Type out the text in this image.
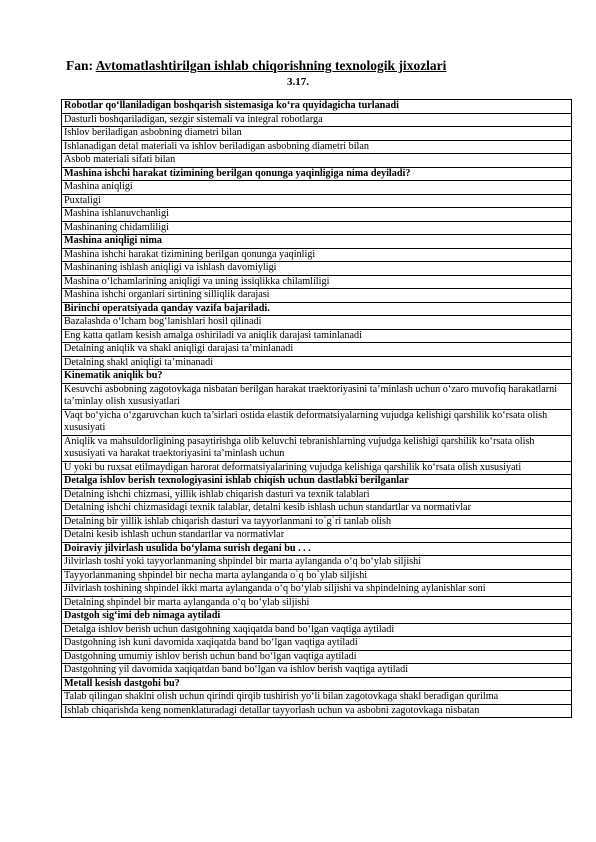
Fan: Avtomatlashtirilgan ishlab chiqorishning texnologik jixozlari
3.17.
Robotlar qo‘llaniladigan boshqarish sistemasiga ko‘ra quyidagicha turlanadi
Dasturli boshqariladigan, sezgir sistemali va integral robotlarga
Ishlov beriladigan asbobning diametri bilan
Ishlanadigan detal materiali va ishlov beriladigan asbobning diametri bilan
Asbob materiali sifati bilan
Mashina ishchi harakat tizimining berilgan qonunga yaqinligiga nima deyiladi?
Mashina aniqligi
Puxtaligi
Mashina ishlanuvchanligi
Mashinaning chidamliligi
Mashina aniqligi nima
Mashina ishchi harakat tizimining berilgan qonunga yaqinligi
Mashinaning ishlash aniqligi va ishlash davomiyligi
Mashina o‘lchamlarining aniqligi va uning issiqlikka chilamliligi
Mashina ishchi organlari sirtining silliqlik darajasi
Birinchi operatsiyada qanday vazifa bajariladi.
Bazalashda o‘lcham bog‘lanishlari hosil qilinadi
Eng katta qatlam kesish amalga oshiriladi va aniqlik darajasi taminlanadi
Detalning aniqlik va shakl aniqligi darajasi ta’minlanadi
Detalning shakl aniqligi ta’minanadi
Kinematik aniqlik bu?
Kesuvchi asbobning zagotovkaga nisbatan berilgan harakat traektoriyasini ta’minlash uchun o‘zaro muvofiq harakatlarni ta’minlay olish xususiyatlari
Vaqt bo‘yicha o‘zgaruvchan kuch ta’sirlari ostida elastik deformatsiyalarning vujudga kelishigi qarshilik ko‘rsata olish xususiyati
Aniqlik va mahsuldorligining pasaytirishga olib keluvchi tebranishlarning vujudga kelishigi qarshilik ko‘rsata olish xususiyati va harakat traektoriyasini ta’minlash uchun
U yoki bu ruxsat etilmaydigan harorat deformatsiyalarining vujudga kelishiga qarshilik ko‘rsata olish xususiyati
Detalga ishlov berish texnologiyasini ishlab chiqish uchun dastlabki berilganlar
Detalning ishchi chizmasi, yillik ishlab chiqarish dasturi va texnik talablari
Detalning ishchi chizmasidagi texnik talablar, detalni kesib ishlash uchun standartlar va normativlar
Detalning bir yillik ishlab chiqarish dasturi va tayyorlanmani to`g`ri tanlab olish
Detalni kesib ishlash uchun standartlar va normativlar
Doiraviy jilvirlash usulida bo‘ylama surish degani bu . . .
Jilvirlash toshi yoki tayyorlanmaning shpindel bir marta aylanganda o‘q bo‘ylab siljishi
Tayyorlanmaning shpindel bir necha marta aylanganda o`q bo`ylab siljishi
Jilvirlash toshining shpindel ikki marta aylanganda o‘q bo‘ylab siljishi va shpindelning aylanishlar soni
Detalning shpindel bir marta aylanganda o‘q bo‘ylab siljishi
Dastgoh sig‘imi deb nimaga aytiladi
Detalga ishlov berish uchun dastgohning xaqiqatda band bo‘lgan vaqtiga aytiladi
Dastgohning ish kuni davomida xaqiqatda band bo‘lgan vaqtiga aytiladi
Dastgohning umumiy ishlov berish uchun band bo‘lgan vaqtiga aytiladi
Dastgohning yil davomida xaqiqatdan band bo‘lgan va ishlov berish vaqtiga aytiladi
Metall kesish dastgohi bu?
Talab qilingan shaklni olish uchun qirindi qirqib tushirish yo‘li bilan zagotovkaga shakl beradigan qurilma
Ishlab chiqarishda keng nomenklaturadagi detallar tayyorlash uchun va asbobni zagotovkaga nisbatan
